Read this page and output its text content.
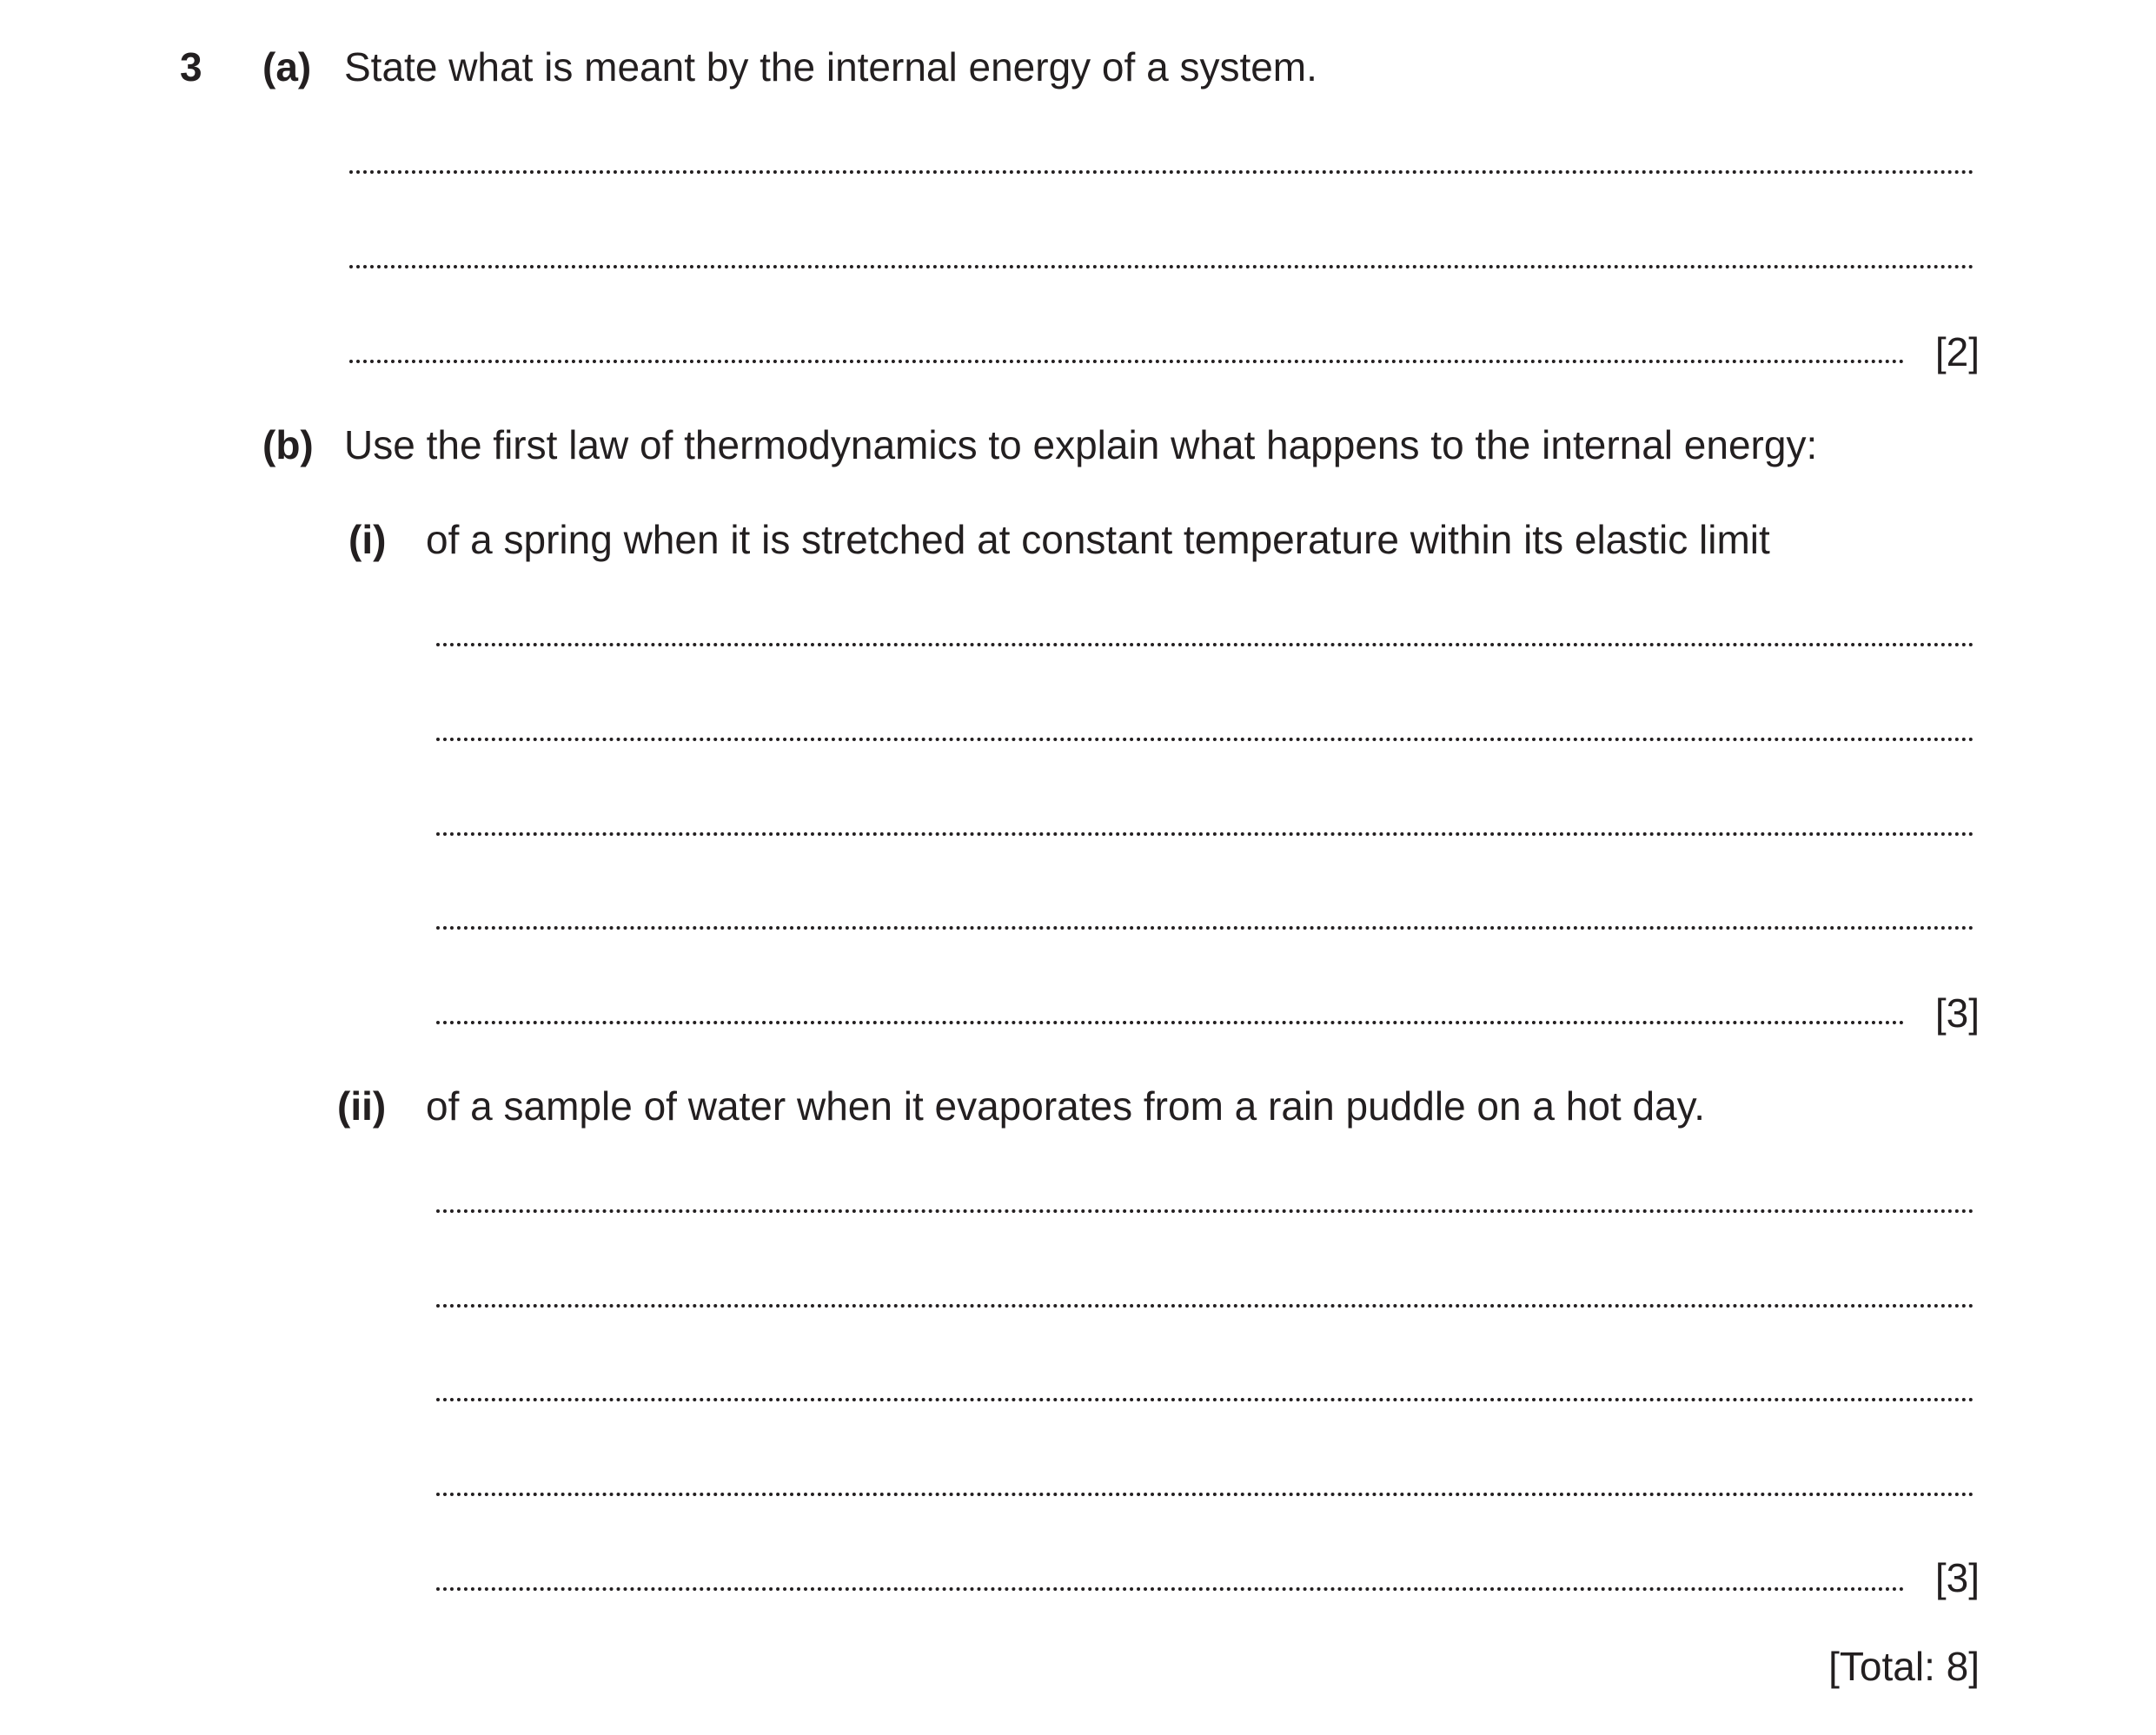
3 (a) State what is meant by the internal energy of a system.
[2]
(b) Use the first law of thermodynamics to explain what happens to the internal energy:
(i) of a spring when it is stretched at constant temperature within its elastic limit
[3]
(ii) of a sample of water when it evaporates from a rain puddle on a hot day.
[3]
[Total: 8]
